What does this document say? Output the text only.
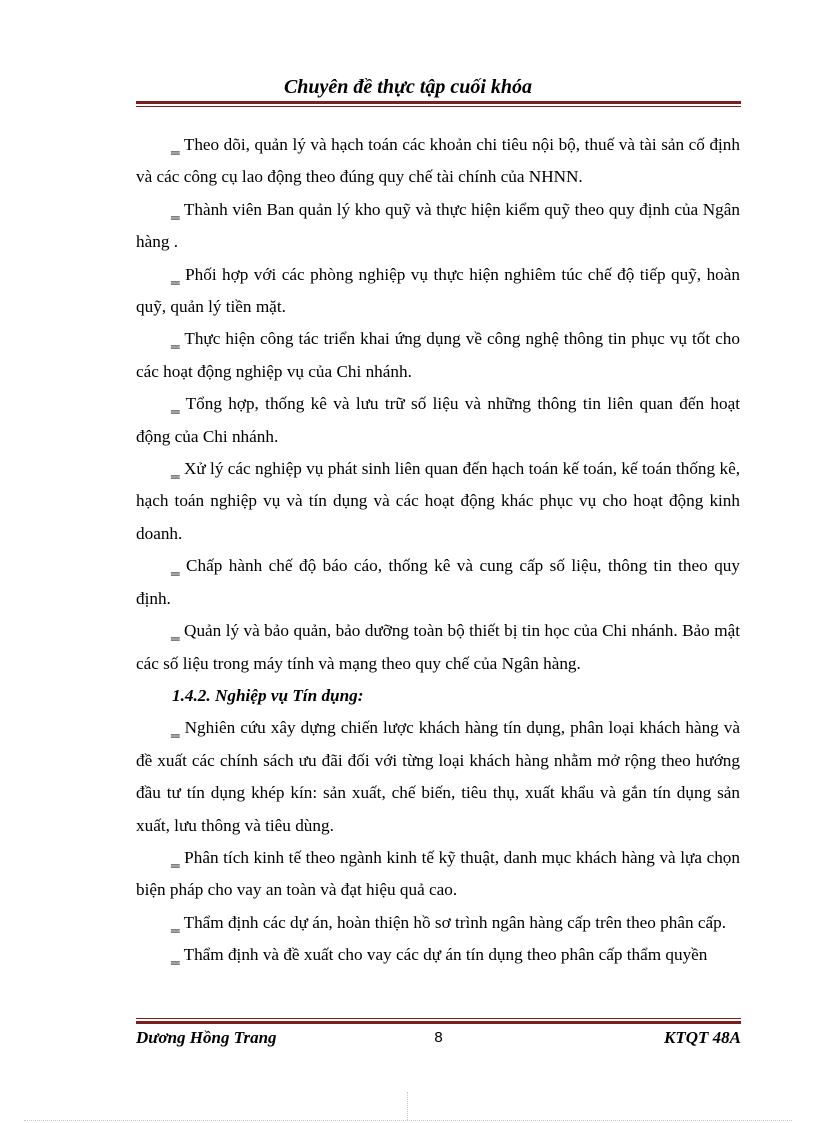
Chuyên đề thực tập cuối khóa

‗ Theo dõi, quản lý và hạch toán các khoản chi tiêu nội bộ, thuế và tài sản cố định và các công cụ lao động theo đúng quy chế tài chính của NHNN.

‗ Thành viên Ban quản lý kho quỹ và thực hiện kiểm quỹ theo quy định của Ngân hàng .

‗ Phối hợp với các phòng nghiệp vụ thực hiện nghiêm túc chế độ tiếp quỹ, hoàn quỹ, quản lý tiền mặt.

‗ Thực hiện công tác triển khai ứng dụng về công nghệ thông tin phục vụ tốt cho các hoạt động nghiệp vụ của Chi nhánh.

‗ Tổng hợp, thống kê và lưu trữ số liệu và những thông tin liên quan đến hoạt động của Chi nhánh.

‗ Xử lý các nghiệp vụ phát sinh liên quan đến hạch toán kế toán, kế toán thống kê, hạch toán nghiệp vụ và tín dụng và các hoạt động khác phục vụ cho hoạt động kinh doanh.

‗ Chấp hành chế độ báo cáo, thống kê và cung cấp số liệu, thông tin theo quy định.

‗ Quản lý và bảo quản, bảo dưỡng toàn bộ thiết bị tin học của Chi nhánh. Bảo mật các số liệu trong máy tính và mạng theo quy chế của Ngân hàng.

1.4.2. Nghiệp vụ Tín dụng:

‗ Nghiên cứu xây dựng chiến lược khách hàng tín dụng, phân loại khách hàng và đề xuất các chính sách ưu đãi đối với từng loại khách hàng nhằm mở rộng theo hướng đầu tư tín dụng khép kín: sản xuất, chế biến, tiêu thụ, xuất khẩu và gắn tín dụng sản xuất, lưu thông và tiêu dùng.

‗ Phân tích kinh tế theo ngành kinh tế kỹ thuật, danh mục khách hàng và lựa chọn biện pháp cho vay an toàn và đạt hiệu quả cao.

‗ Thẩm định các dự án, hoàn thiện hồ sơ trình ngân hàng cấp trên theo phân cấp.

‗ Thẩm định và đề xuất cho vay các dự án tín dụng theo phân cấp thẩm quyền

Dương Hồng Trang	8	KTQT 48A
